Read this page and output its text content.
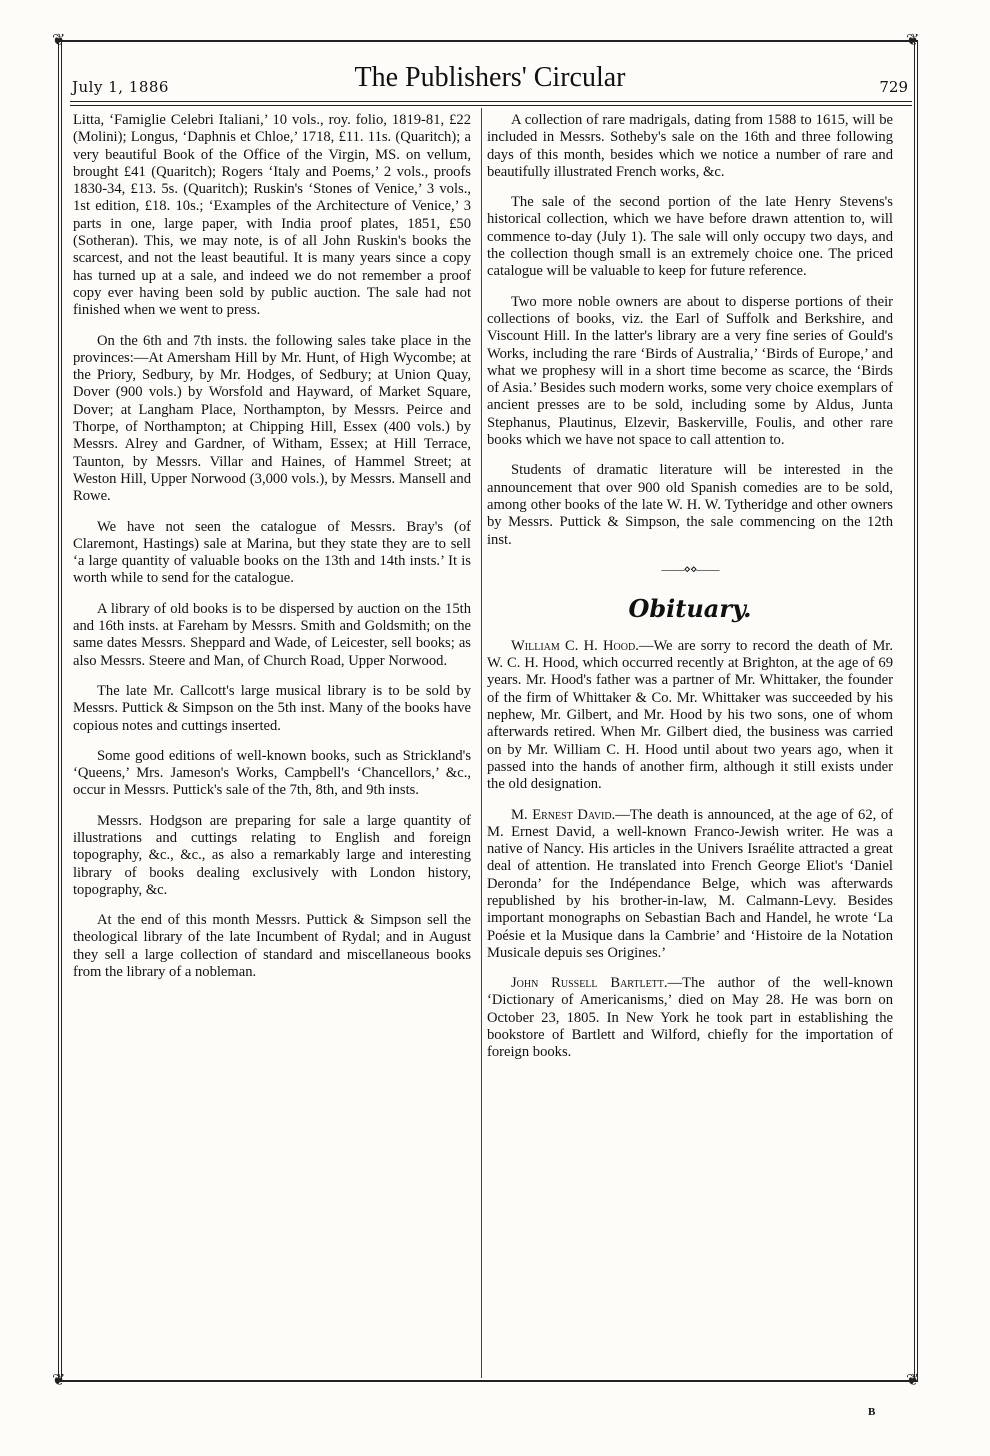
❦	❦
❦	❦
July 1, 1886	The Publishers' Circular	729

Litta, ‘Famiglie Celebri Italiani,’ 10 vols., roy. folio, 1819-81, £22 (Molini); Longus, ‘Daphnis et Chloe,’ 1718, £11. 11s. (Quaritch); a very beautiful Book of the Office of the Virgin, MS. on vellum, brought £41 (Quaritch); Rogers ‘Italy and Poems,’ 2 vols., proofs 1830-34, £13. 5s. (Quaritch); Ruskin's ‘Stones of Venice,’ 3 vols., 1st edition, £18. 10s.; ‘Examples of the Architecture of Venice,’ 3 parts in one, large paper, with India proof plates, 1851, £50 (Sotheran). This, we may note, is of all John Ruskin's books the scarcest, and not the least beautiful. It is many years since a copy has turned up at a sale, and indeed we do not remember a proof copy ever having been sold by public auction. The sale had not finished when we went to press.

On the 6th and 7th insts. the following sales take place in the provinces:—At Amersham Hill by Mr. Hunt, of High Wycombe; at the Priory, Sedbury, by Mr. Hodges, of Sedbury; at Union Quay, Dover (900 vols.) by Worsfold and Hayward, of Market Square, Dover; at Langham Place, Northampton, by Messrs. Peirce and Thorpe, of Northampton; at Chipping Hill, Essex (400 vols.) by Messrs. Alrey and Gardner, of Witham, Essex; at Hill Terrace, Taunton, by Messrs. Villar and Haines, of Hammel Street; at Weston Hill, Upper Norwood (3,000 vols.), by Messrs. Mansell and Rowe.

We have not seen the catalogue of Messrs. Bray's (of Claremont, Hastings) sale at Marina, but they state they are to sell ‘a large quantity of valuable books on the 13th and 14th insts.’ It is worth while to send for the catalogue.

A library of old books is to be dispersed by auction on the 15th and 16th insts. at Fareham by Messrs. Smith and Goldsmith; on the same dates Messrs. Sheppard and Wade, of Leicester, sell books; as also Messrs. Steere and Man, of Church Road, Upper Norwood.

The late Mr. Callcott's large musical library is to be sold by Messrs. Puttick & Simpson on the 5th inst. Many of the books have copious notes and cuttings inserted.

Some good editions of well-known books, such as Strickland's ‘Queens,’ Mrs. Jameson's Works, Campbell's ‘Chancellors,’ &c., occur in Messrs. Puttick's sale of the 7th, 8th, and 9th insts.

Messrs. Hodgson are preparing for sale a large quantity of illustrations and cuttings relating to English and foreign topography, &c., &c., as also a remarkably large and interesting library of books dealing exclusively with London history, topography, &c.

At the end of this month Messrs. Puttick & Simpson sell the theological library of the late Incumbent of Rydal; and in August they sell a large collection of standard and miscellaneous books from the library of a nobleman.

A collection of rare madrigals, dating from 1588 to 1615, will be included in Messrs. Sotheby's sale on the 16th and three following days of this month, besides which we notice a number of rare and beautifully illustrated French works, &c.

The sale of the second portion of the late Henry Stevens's historical collection, which we have before drawn attention to, will commence to-day (July 1). The sale will only occupy two days, and the collection though small is an extremely choice one. The priced catalogue will be valuable to keep for future reference.

Two more noble owners are about to disperse portions of their collections of books, viz. the Earl of Suffolk and Berkshire, and Viscount Hill. In the latter's library are a very fine series of Gould's Works, including the rare ‘Birds of Australia,’ ‘Birds of Europe,’ and what we prophesy will in a short time become as scarce, the ‘Birds of Asia.’ Besides such modern works, some very choice exemplars of ancient presses are to be sold, including some by Aldus, Junta Stephanus, Plautinus, Elzevir, Baskerville, Foulis, and other rare books which we have not space to call attention to.

Students of dramatic literature will be interested in the announcement that over 900 old Spanish comedies are to be sold, among other books of the late W. H. W. Tytheridge and other owners by Messrs. Puttick & Simpson, the sale commencing on the 12th inst.

——⋄⋄——
Obituary.

William C. H. Hood.—We are sorry to record the death of Mr. W. C. H. Hood, which occurred recently at Brighton, at the age of 69 years. Mr. Hood's father was a partner of Mr. Whittaker, the founder of the firm of Whittaker & Co. Mr. Whittaker was succeeded by his nephew, Mr. Gilbert, and Mr. Hood by his two sons, one of whom afterwards retired. When Mr. Gilbert died, the business was carried on by Mr. William C. H. Hood until about two years ago, when it passed into the hands of another firm, although it still exists under the old designation.

M. Ernest David.—The death is announced, at the age of 62, of M. Ernest David, a well-known Franco-Jewish writer. He was a native of Nancy. His articles in the Univers Israélite attracted a great deal of attention. He translated into French George Eliot's ‘Daniel Deronda’ for the Indépendance Belge, which was afterwards republished by his brother-in-law, M. Calmann-Levy. Besides important monographs on Sebastian Bach and Handel, he wrote ‘La Poésie et la Musique dans la Cambrie’ and ‘Histoire de la Notation Musicale depuis ses Origines.’

John Russell Bartlett.—The author of the well-known ‘Dictionary of Americanisms,’ died on May 28. He was born on October 23, 1805. In New York he took part in establishing the bookstore of Bartlett and Wilford, chiefly for the importation of foreign books.

B
